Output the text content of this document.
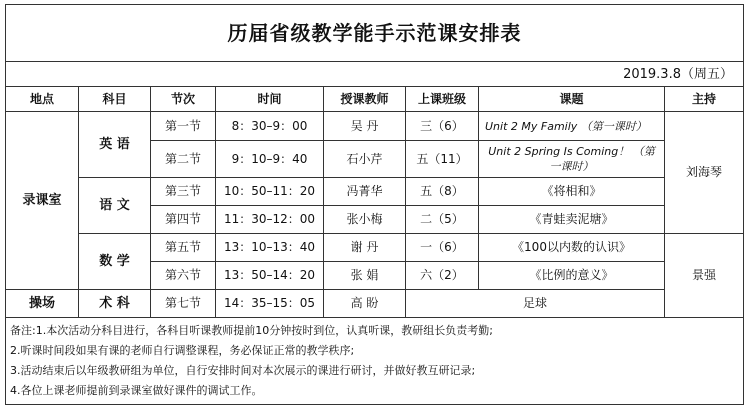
历届省级教学能手示范课安排表							
2019.3.8（周五）							
地点	科目	节次	时间	授课教师	上课班级	课题	主持
录课室	英 语	第一节	8：30–9：00	吴 丹	三（6）	Unit 2 My Family （第一课时）	刘海琴
		第二节	9：10–9：40	石小芹	五（11）	Unit 2 Spring Is Coming！ （第一课时）	
	语 文	第三节	10：50–11：20	冯菁华	五（8）	《将相和》	
		第四节	11：30–12：00	张小梅	二（5）	《青蛙卖泥塘》	
	数 学	第五节	13：10–13：40	谢 丹	一（6）	《100以内数的认识》	景强
		第六节	13：50–14：20	张 娟	六（2）	《比例的意义》	
操场	术 科	第七节	14：35–15：05	高 盼	足球		

备注:1.本次活动分科目进行，各科目听课教师提前10分钟按时到位，认真听课，教研组长负责考勤;
2.听课时间段如果有课的老师自行调整课程，务必保证正常的教学秩序;
3.活动结束后以年级教研组为单位，自行安排时间对本次展示的课进行研讨，并做好教互研记录;
4.各位上课老师提前到录课室做好课件的调试工作。							
